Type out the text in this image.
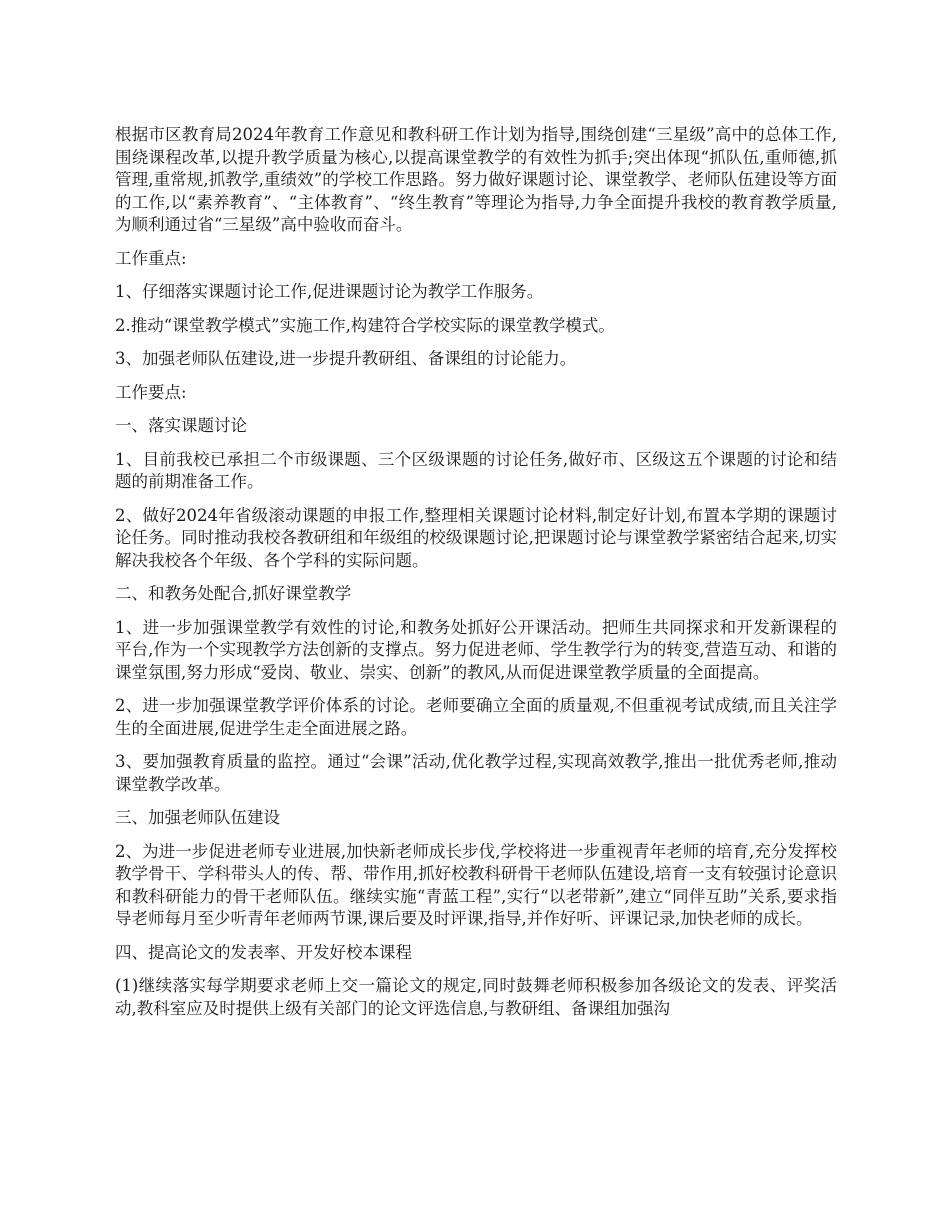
根据市区教育局2024年教育工作意见和教科研工作计划为指导,围绕创建“三星级”高中的总体工作,围绕课程改革,以提升教学质量为核心,以提高课堂教学的有效性为抓手;突出体现“抓队伍,重师德,抓管理,重常规,抓教学,重绩效”的学校工作思路。努力做好课题讨论、课堂教学、老师队伍建设等方面的工作,以“素养教育”、“主体教育”、“终生教育”等理论为指导,力争全面提升我校的教育教学质量,为顺利通过省“三星级”高中验收而奋斗。

工作重点:

1、仔细落实课题讨论工作,促进课题讨论为教学工作服务。

2.推动“课堂教学模式”实施工作,构建符合学校实际的课堂教学模式。

3、加强老师队伍建设,进一步提升教研组、备课组的讨论能力。

工作要点:

一、落实课题讨论

1、目前我校已承担二个市级课题、三个区级课题的讨论任务,做好市、区级这五个课题的讨论和结题的前期准备工作。

2、做好2024年省级滚动课题的申报工作,整理相关课题讨论材料,制定好计划,布置本学期的课题讨论任务。同时推动我校各教研组和年级组的校级课题讨论,把课题讨论与课堂教学紧密结合起来,切实解决我校各个年级、各个学科的实际问题。

二、和教务处配合,抓好课堂教学

1、进一步加强课堂教学有效性的讨论,和教务处抓好公开课活动。把师生共同探求和开发新课程的平台,作为一个实现教学方法创新的支撑点。努力促进老师、学生教学行为的转变,营造互动、和谐的课堂氛围,努力形成“爱岗、敬业、崇实、创新”的教风,从而促进课堂教学质量的全面提高。

2、进一步加强课堂教学评价体系的讨论。老师要确立全面的质量观,不但重视考试成绩,而且关注学生的全面进展,促进学生走全面进展之路。

3、要加强教育质量的监控。通过“会课”活动,优化教学过程,实现高效教学,推出一批优秀老师,推动课堂教学改革。

三、加强老师队伍建设

2、为进一步促进老师专业进展,加快新老师成长步伐,学校将进一步重视青年老师的培育,充分发挥校教学骨干、学科带头人的传、帮、带作用,抓好校教科研骨干老师队伍建设,培育一支有较强讨论意识和教科研能力的骨干老师队伍。继续实施“青蓝工程”,实行“以老带新”,建立“同伴互助”关系,要求指导老师每月至少听青年老师两节课,课后要及时评课,指导,并作好听、评课记录,加快老师的成长。

四、提高论文的发表率、开发好校本课程

(1)继续落实每学期要求老师上交一篇论文的规定,同时鼓舞老师积极参加各级论文的发表、评奖活动,教科室应及时提供上级有关部门的论文评选信息,与教研组、备课组加强沟
